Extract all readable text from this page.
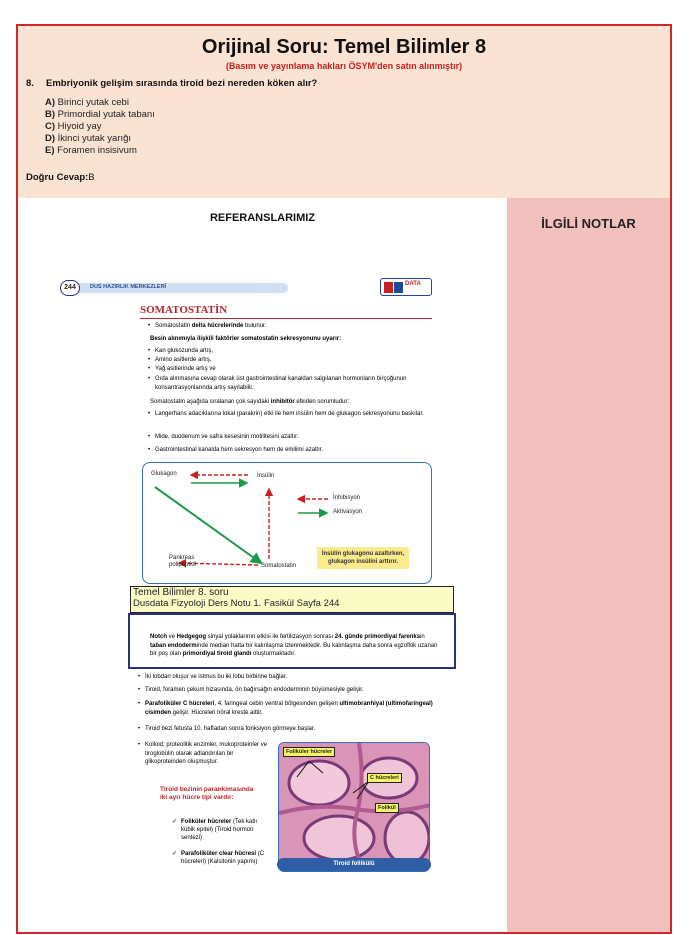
Orijinal Soru: Temel Bilimler 8
(Basım ve yayınlama hakları ÖSYM'den satın alınmıştır)
8. Embriyonik gelişim sırasında tiroid bezi nereden köken alır?
A) Birinci yutak cebi
B) Primordial yutak tabanı
C) Hiyoid yay
D) İkinci yutak yarığı
E) Foramen insisivum
Doğru Cevap:B
REFERANSLARIMIZ	İLGİLİ NOTLAR
DUS HAZIRLIK MERKEZLERİ
244	DATA
SOMATOSTATİN
• Somatostatin delta hücrelerinde bulunur.
Besin alınımıyla ilişkili faktörler somatostatin sekresyonunu uyarır:
• Kan glukozunda artış,
• Amino asitlerde artış,
• Yağ asitlerinde artış ve
• Gıda alınmasına cevap olarak üst gastrointestinal kanaldan salgılanan hormonların birçoğunun konsantrasyonlarında artış sayılabilir.
Somatostatin aşağıda sıralanan çok sayıdaki inhibitör etkiden sorumludur:
• Langerhans adacıklarına lokal (parakrin) etki ile hem insülin hem de glukagon sekresyonunu baskılar.
• Mide, duodenum ve safra kesesinin motilitesini azaltır.
• Gastrointestinal kanalda hem sekresyon hem de emilimi azaltır.
Glukagon	İnsülin
İnhibisyon
Aktivasyon
Pankreas
polipeptidi	Somatostatin
İnsülin glukagonu azaltırken, glukagon insülini arttırır.
Notch ve Hedgegog sinyal yolaklarının etkisi ile fertilizasyon sonrası 24. günde primordiyal farenksin taban endoderminde median hatta bir kalınlaşma izlenmektedir. Bu kalınlaşma daha sonra egzofitik uzanan bir poş olan primordiyal tiroid glandı oluşturmaktadır.
Temel Bilimler 8. soru
Dusdata Fizyoloji Ders Notu 1. Fasikül Sayfa 244
• İki lobdan oluşur ve istmus bu iki lobu birbirine bağlar.
• Tiroid, foramen çekum hizasında, ön bağırsağın endoderminin büyümesiyle gelişir.
• Parafoliküler C hücreleri, 4. faringeal cebin ventral bölgesinden gelişen ultimobranhiyal (ultimofaringeal) cisimden gelişir. Hücreleri nöral kreste aittir.
• Tiroid bezi fetusta 10. haftadan sonra fonksiyon görmeye başlar.
• Kolloid; proteolitik enzimler, mukoproteinler ve tiroglobülin olarak adlandırılan bir glikoproteinden oluşmuştur.
Tiroid bezinin parankimasında iki ayrı hücre tipi vardır:
✓ Foliküler hücreler (Tek katlı kübik epitel) (Tiroid hormon sentezi)
✓ Parafoliküler clear hücresi (C hücreleri) (Kalsitonin yapımı)
Foliküler hücreler
C hücreleri
Folikül
Tiroid follikülü
